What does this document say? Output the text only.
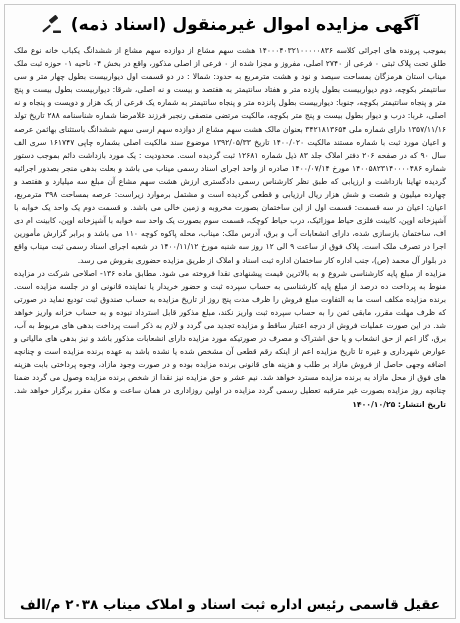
آگهی مزایده اموال غیرمنقول (اسناد ذمه)

بموجب پرونده های اجرائی کلاسه ۱۴۰۰۰۴۰۳۲۱۰۰۰۰۰۸۳۶ هشت سهم مشاع از دوازده سهم مشاع از ششدانگ یکباب خانه نوع ملک طلق تحت پلاک ثبتی ۰ فرعی از ۲۷۴۰ اصلی، مفروز و مجزا شده از ۰ فرعی از اصلی مذکور، واقع در بخش ۰۴ ناحیه ۰۱ حوزه ثبت ملک میناب استان هرمزگان بمساحت سیصد و نود و هشت مترمربع به حدود: شمالا : در دو قسمت اول دیواربیست بطول چهار متر و سی سانتیمتر بکوچه، دوم دیواربیست بطول یازده متر و هفتاد سانتیمتر به هفتصد و بیست و نه اصلی، شرقا: دیواربیست بطول بیست و پنج متر و پنجاه سانتیمتر بکوچه، جنوبا: دیواربیست بطول پانزده متر و پنجاه سانتیمتر به شماره یک فرعی از یک هزار و دویست و پنجاه و نه اصلی، غربا: درب و دیوار بطول بیست و پنج متر بکوچه، مالکیت مرتضی منصفی رنجبر فرزند غلامرضا شماره شناسنامه ۲۸۸ تاریخ تولد ۱۳۵۷/۱۱/۱۶ دارای شماره ملی ۳۴۲۱۸۱۳۶۵۴ بعنوان مالک هشت سهم مشاع از دوازده سهم ارسی سهم ششدانگ باستثنای بهاثمن عرصه و اعیان مورد ثبت با شماره مستند مالکیت ۱۴۰۰/۰۲۰ تاریخ ۱۳۹۲/۰۵/۳۳ موضوع سند مالکیت اصلی بشماره چاپی ۱۶۱۷۴۷ سری الف سال ۹۰ که در صفحه ۲۰۶ دفتر املاک جلد ۸۳ ذیل شماره ۱۲۶۸۱ ثبت گردیده است. محدودیت : یک مورد بازداشت دائم بموجب دستور شماره ۱۴۰۰۵۸۲۳۱۴۰۰۰۰۴۸۶ مورخ ۱۴۰۰/۰۷/۱۴ صادره از واحد اجرای اسناد رسمی میناب می باشد و بعلت بدهی منجر بصدور اجرائیه گردیده تهاینا بازداشت و ارزیابی که طبق نظر کارشناس رسمی دادگستری ارزش هشت سهم مشاع آن مبلغ سه میلیارد و هفتصد و چهارده میلیون و شصت و شش هزار ریال ارزیابی و قطعی گردیده است و مشتمل برموارد زیراست: عرصه بمساحت ۳۹۸ مترمربع، اعیان: اعیان در سه قسمت: قسمت اول از این ساختمان بصورت مخروبه و زمین خالی می باشد. و قسمت دوم یک واحد یک خوابه با آشپزخانه اوپن، کابینت فلزی حیاط موزائیک، درب حیاط کوچک، قسمت سوم بصورت یک واحد سه خوابه با آشپزخانه اوپن، کابینت ام دی اف، ساختمان بازسازی شده، دارای انشعابات آب و برق، آدرس ملک: میناب، محله پاکوه کوچه ۱۱۰ می باشد و برابر گزارش مأمورین اجرا در تصرف ملک است. پلاک فوق از ساعت ۹ الی ۱۲ روز سه شنبه مورخ ۱۴۰۰/۱۱/۱۲ در شعبه اجرای اسناد رسمی ثبت میناب واقع در بلوار آل محمد (ص)، جنب اداره کار ساختمان اداره ثبت اسناد و املاک از طریق مزایده حضوری بفروش می رسد.

مزایده از مبلغ پایه کارشناسی شروع و به بالاترین قیمت پیشنهادی نقدا فروخته می شود. مطابق ماده ۱۳۶- اصلاحی شرکت در مزایده منوط به پرداخت ده درصد از مبلغ پایه کارشناسی به حساب سپرده ثبت و حضور خریدار یا نماینده قانونی او در جلسه مزایده است. برنده مزایده مکلف است ما به التفاوت مبلغ فروش را ظرف مدت پنج روز از تاریخ مزایده به حساب صندوق ثبت تودیع نماید در صورتی که ظرف مهلت مقرر، مابقی ثمن را به حساب سپرده ثبت واریز نکند، مبلغ مذکور قابل استرداد نبوده و به حساب خزانه واریز خواهد شد. در این صورت عملیات فروش از درجه اعتبار ساقط و مزایده تجدید می گردد و لازم به ذکر است پرداخت بدهی های مربوط به آب، برق، گاز اعم از حق انشعاب و یا حق اشتراک و مصرف در صورتیکه مورد مزایده دارای انشعابات مذکور باشد و نیز بدهی های مالیاتی و عوارض شهرداری و غیره تا تاریخ مزایده اعم از اینکه رقم قطعی آن مشخص شده یا نشده باشد به عهده برنده مزایده است و چنانچه اضافه وجهی حاصل از فروش مازاد بر طلب و هزینه های قانونی برنده مزایده بوده و در صورت وجود مازاد، وجوه پرداختی بابت هزینه های فوق از محل مازاد به برنده مزایده مسترد خواهد شد. نیم عشر و حق مزایده نیز نقدا از شخص برنده مزایده وصول می گردد ضمنا چنانچه روز مزایده بصورت غیر مترقبه تعطیل رسمی گردد مزایده در اولین روزاداری در همان ساعت و مکان مقرر برگزار خواهد شد. تاریخ انتشار: ۱۴۰۰/۱۰/۲۵

عقیل قاسمی رئیس اداره ثبت اسناد و املاک میناب ۲۰۳۸ م/الف
